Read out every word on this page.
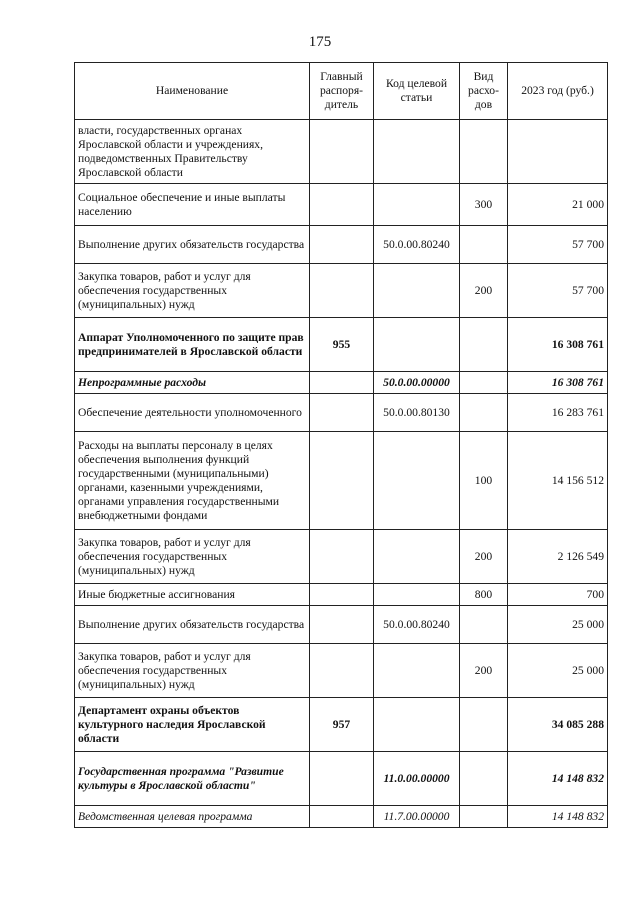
175
Наименование	Главный распоря-дитель	Код целевой статьи	Вид расхо-дов	2023 год (руб.)
власти, государственных органах Ярославской области и учреждениях, подведомственных Правительству Ярославской области				
Социальное обеспечение и иные выплаты населению			300	21 000
Выполнение других обязательств государства		50.0.00.80240		57 700
Закупка товаров, работ и услуг для обеспечения государственных (муниципальных) нужд			200	57 700
Аппарат Уполномоченного по защите прав предпринимателей в Ярославской области	955			16 308 761
Непрограммные расходы		50.0.00.00000		16 308 761
Обеспечение деятельности уполномоченного		50.0.00.80130		16 283 761
Расходы на выплаты персоналу в целях обеспечения выполнения функций государственными (муниципальными) органами, казенными учреждениями, органами управления государственными внебюджетными фондами			100	14 156 512
Закупка товаров, работ и услуг для обеспечения государственных (муниципальных) нужд			200	2 126 549
Иные бюджетные ассигнования			800	700
Выполнение других обязательств государства		50.0.00.80240		25 000
Закупка товаров, работ и услуг для обеспечения государственных (муниципальных) нужд			200	25 000
Департамент охраны объектов культурного наследия Ярославской области	957			34 085 288
Государственная программа "Развитие культуры в Ярославской области"		11.0.00.00000		14 148 832
Ведомственная целевая программа		11.7.00.00000		14 148 832
